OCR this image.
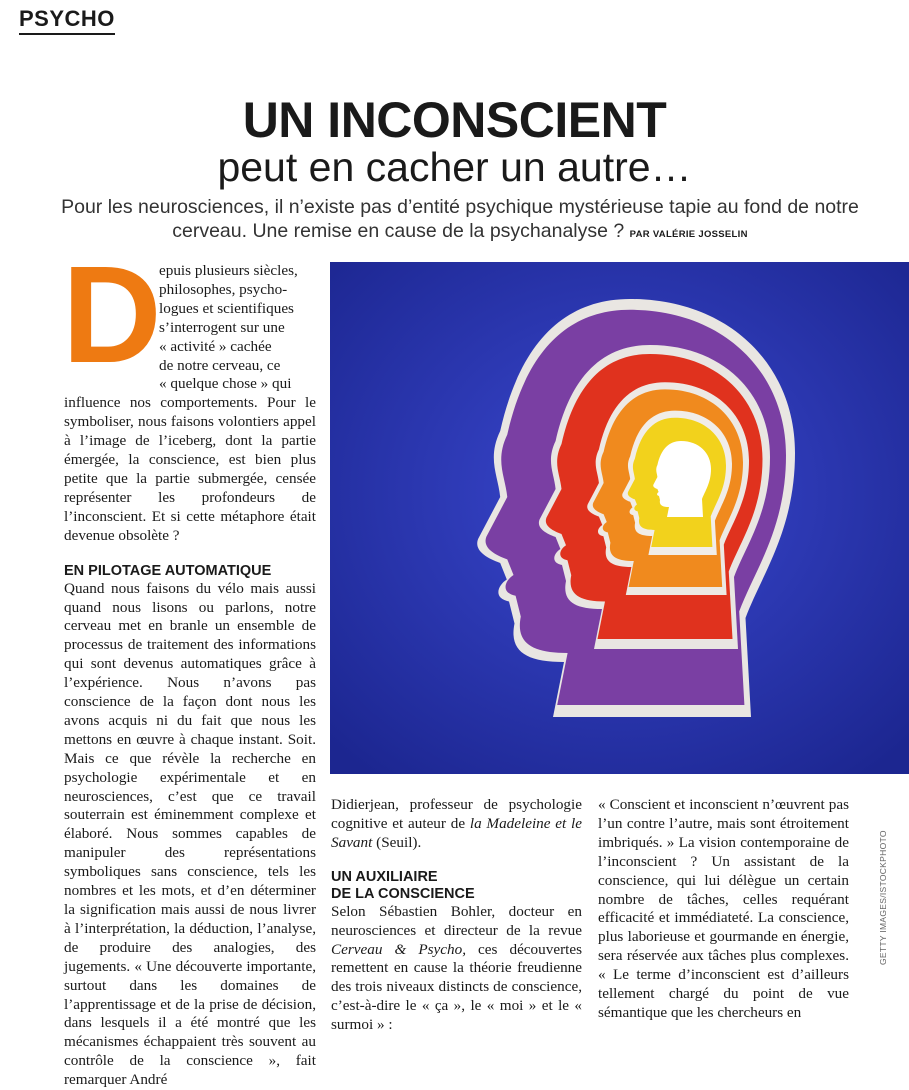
PSYCHO
UN INCONSCIENT
peut en cacher un autre…
Pour les neurosciences, il n’existe pas d’entité psychique mystérieuse tapie au fond de notre cerveau. Une remise en cause de la psychanalyse ? PAR VALÉRIE JOSSELIN
D

epuis plusieurs siècles,
philosophes, psycho-
logues et scientifiques
s’interrogent sur une
« activité » cachée
de notre cerveau, ce
« quelque chose » qui
influence nos comportements. Pour le symboliser, nous faisons volontiers appel à l’image de l’iceberg, dont la partie émergée, la conscience, est bien plus petite que la partie submergée, censée représenter les profondeurs de l’inconscient. Et si cette métaphore était devenue obsolète ?

EN PILOTAGE AUTOMATIQUE

Quand nous faisons du vélo mais aussi quand nous lisons ou parlons, notre cerveau met en branle un ensemble de processus de traitement des informations qui sont devenus automatiques grâce à l’expérience. Nous n’avons pas conscience de la façon dont nous les avons acquis ni du fait que nous les mettons en œuvre à chaque instant. Soit. Mais ce que révèle la recherche en psychologie expérimentale et en neurosciences, c’est que ce travail souterrain est éminemment complexe et élaboré. Nous sommes capables de manipuler des représentations symboliques sans conscience, tels les nombres et les mots, et d’en déterminer la signification mais aussi de nous livrer à l’interprétation, la déduction, l’analyse, de produire des analogies, des jugements. « Une découverte importante, surtout dans les domaines de l’apprentissage et de la prise de décision, dans lesquels il a été montré que les mécanismes échappaient très souvent au contrôle de la conscience », fait remarquer André

Didierjean, professeur de psychologie cognitive et auteur de la Madeleine et le Savant (Seuil).

UN AUXILIAIRE
DE LA CONSCIENCE

Selon Sébastien Bohler, docteur en neurosciences et directeur de la revue Cerveau & Psycho, ces découvertes remettent en cause la théorie freudienne des trois niveaux distincts de conscience, c’est-à-dire le « ça », le « moi » et le « surmoi » :

« Conscient et inconscient n’œuvrent pas l’un contre l’autre, mais sont étroitement imbriqués. » La vision contemporaine de l’inconscient ? Un assistant de la conscience, qui lui délègue un certain nombre de tâches, celles requérant efficacité et immédiateté. La conscience, plus laborieuse et gourmande en énergie, sera réservée aux tâches plus complexes. « Le terme d’inconscient est d’ailleurs tellement chargé du point de vue sémantique que les chercheurs en

GETTY IMAGES/ISTOCKPHOTO
